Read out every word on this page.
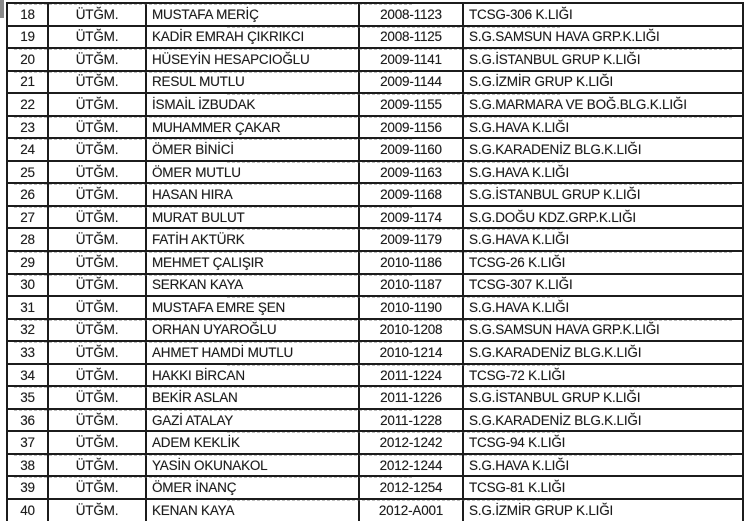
18	ÜTĞM.	MUSTAFA MERİÇ	2008-1123	TCSG-306 K.LIĞI
19	ÜTĞM.	KADİR EMRAH ÇIKRIKCI	2008-1125	S.G.SAMSUN HAVA GRP.K.LIĞI
20	ÜTĞM.	HÜSEYİN HESAPCIOĞLU	2009-1141	S.G.İSTANBUL GRUP K.LIĞI
21	ÜTĞM.	RESUL MUTLU	2009-1144	S.G.İZMİR GRUP K.LIĞI
22	ÜTĞM.	İSMAİL İZBUDAK	2009-1155	S.G.MARMARA VE BOĞ.BLG.K.LIĞI
23	ÜTĞM.	MUHAMMER ÇAKAR	2009-1156	S.G.HAVA K.LIĞI
24	ÜTĞM.	ÖMER BİNİCİ	2009-1160	S.G.KARADENİZ BLG.K.LIĞI
25	ÜTĞM.	ÖMER MUTLU	2009-1163	S.G.HAVA K.LIĞI
26	ÜTĞM.	HASAN HIRA	2009-1168	S.G.İSTANBUL GRUP K.LIĞI
27	ÜTĞM.	MURAT BULUT	2009-1174	S.G.DOĞU KDZ.GRP.K.LIĞI
28	ÜTĞM.	FATİH AKTÜRK	2009-1179	S.G.HAVA K.LIĞI
29	ÜTĞM.	MEHMET ÇALIŞIR	2010-1186	TCSG-26 K.LIĞI
30	ÜTĞM.	SERKAN KAYA	2010-1187	TCSG-307 K.LIĞI
31	ÜTĞM.	MUSTAFA EMRE ŞEN	2010-1190	S.G.HAVA K.LIĞI
32	ÜTĞM.	ORHAN UYAROĞLU	2010-1208	S.G.SAMSUN HAVA GRP.K.LIĞI
33	ÜTĞM.	AHMET HAMDİ MUTLU	2010-1214	S.G.KARADENİZ BLG.K.LIĞI
34	ÜTĞM.	HAKKI BİRCAN	2011-1224	TCSG-72 K.LIĞI
35	ÜTĞM.	BEKİR ASLAN	2011-1226	S.G.İSTANBUL GRUP K.LIĞI
36	ÜTĞM.	GAZİ ATALAY	2011-1228	S.G.KARADENİZ BLG.K.LIĞI
37	ÜTĞM.	ADEM KEKLİK	2012-1242	TCSG-94 K.LIĞI
38	ÜTĞM.	YASİN OKUNAKOL	2012-1244	S.G.HAVA K.LIĞI
39	ÜTĞM.	ÖMER İNANÇ	2012-1254	TCSG-81 K.LIĞI
40	ÜTĞM.	KENAN KAYA	2012-A001	S.G.İZMİR GRUP K.LIĞI
